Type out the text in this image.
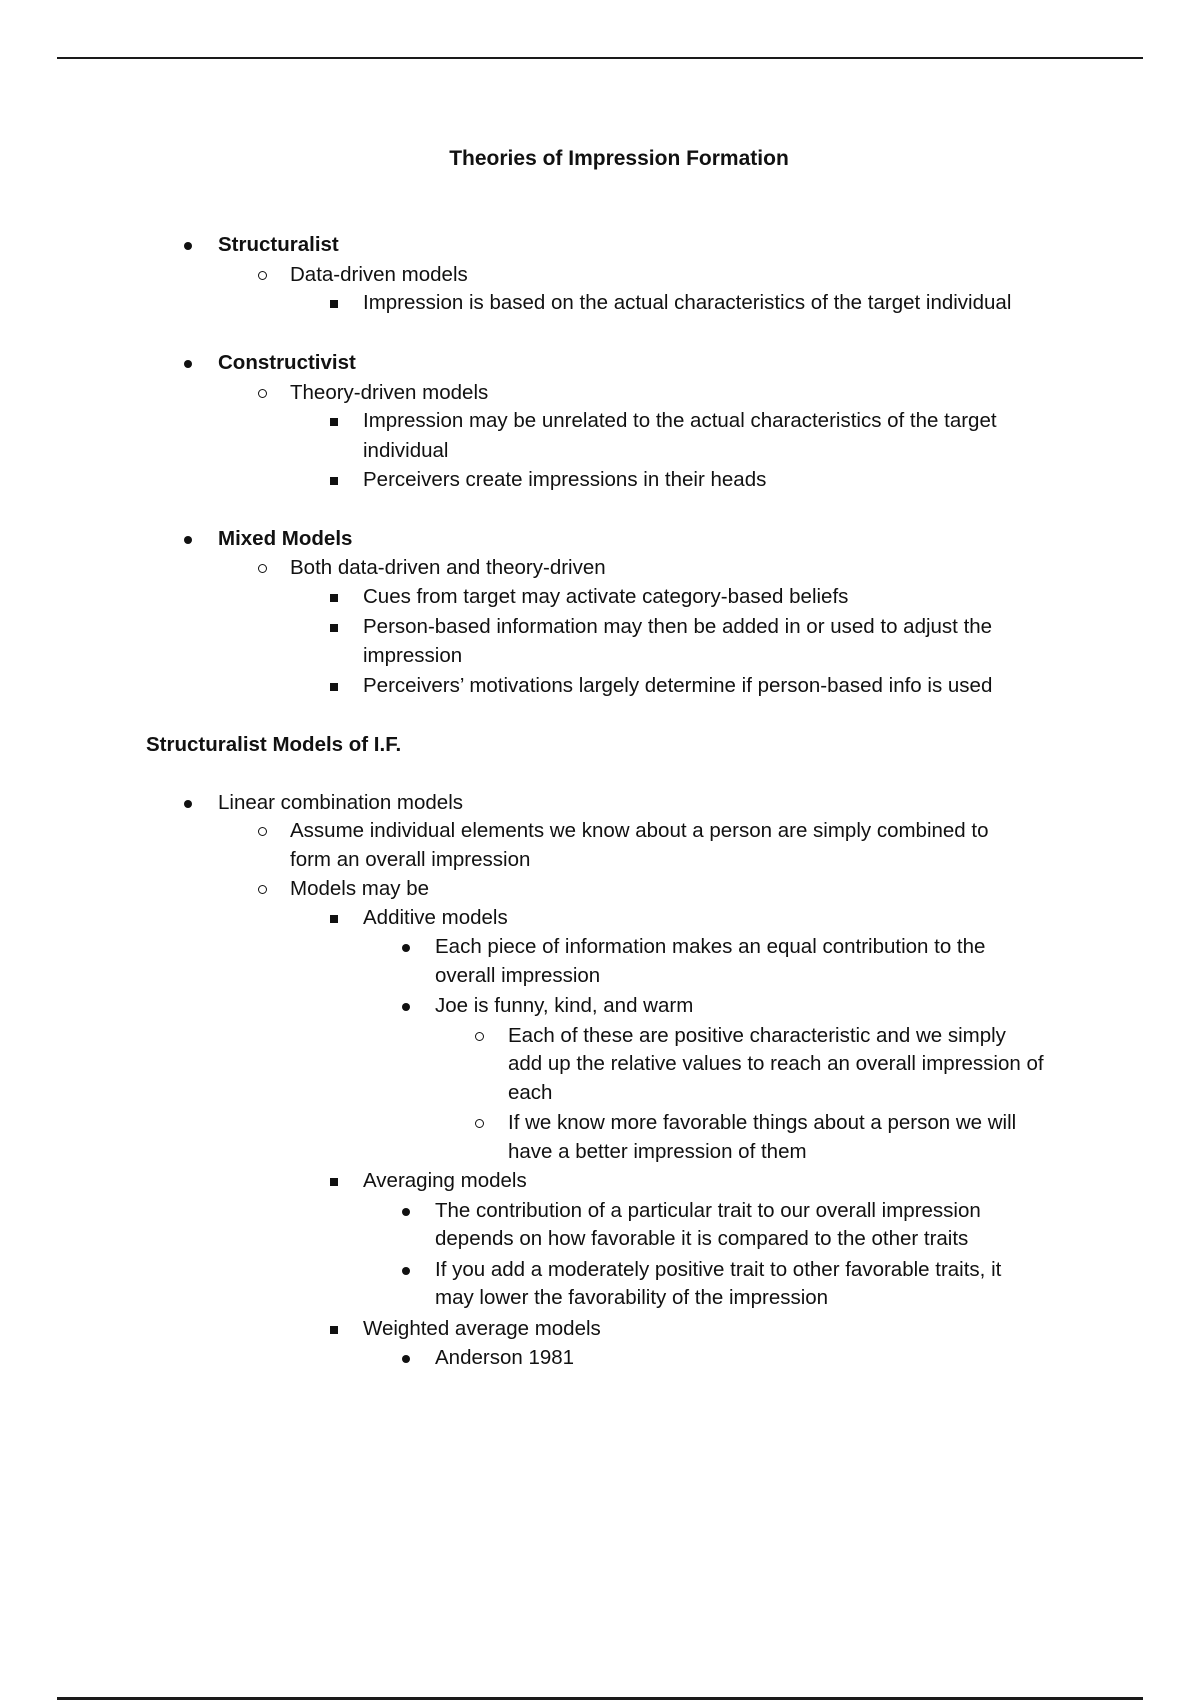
Theories of Impression Formation
Structuralist
Data-driven models
Impression is based on the actual characteristics of the target individual
Constructivist
Theory-driven models
Impression may be unrelated to the actual characteristics of the target
individual
Perceivers create impressions in their heads
Mixed Models
Both data-driven and theory-driven
Cues from target may activate category-based beliefs
Person-based information may then be added in or used to adjust the
impression
Perceivers’ motivations largely determine if person-based info is used
Structuralist Models of I.F.
Linear combination models
Assume individual elements we know about a person are simply combined to
form an overall impression
Models may be
Additive models
Each piece of information makes an equal contribution to the
overall impression
Joe is funny, kind, and warm
Each of these are positive characteristic and we simply
add up the relative values to reach an overall impression of
each
If we know more favorable things about a person we will
have a better impression of them
Averaging models
The contribution of a particular trait to our overall impression
depends on how favorable it is compared to the other traits
If you add a moderately positive trait to other favorable traits, it
may lower the favorability of the impression
Weighted average models
Anderson 1981
